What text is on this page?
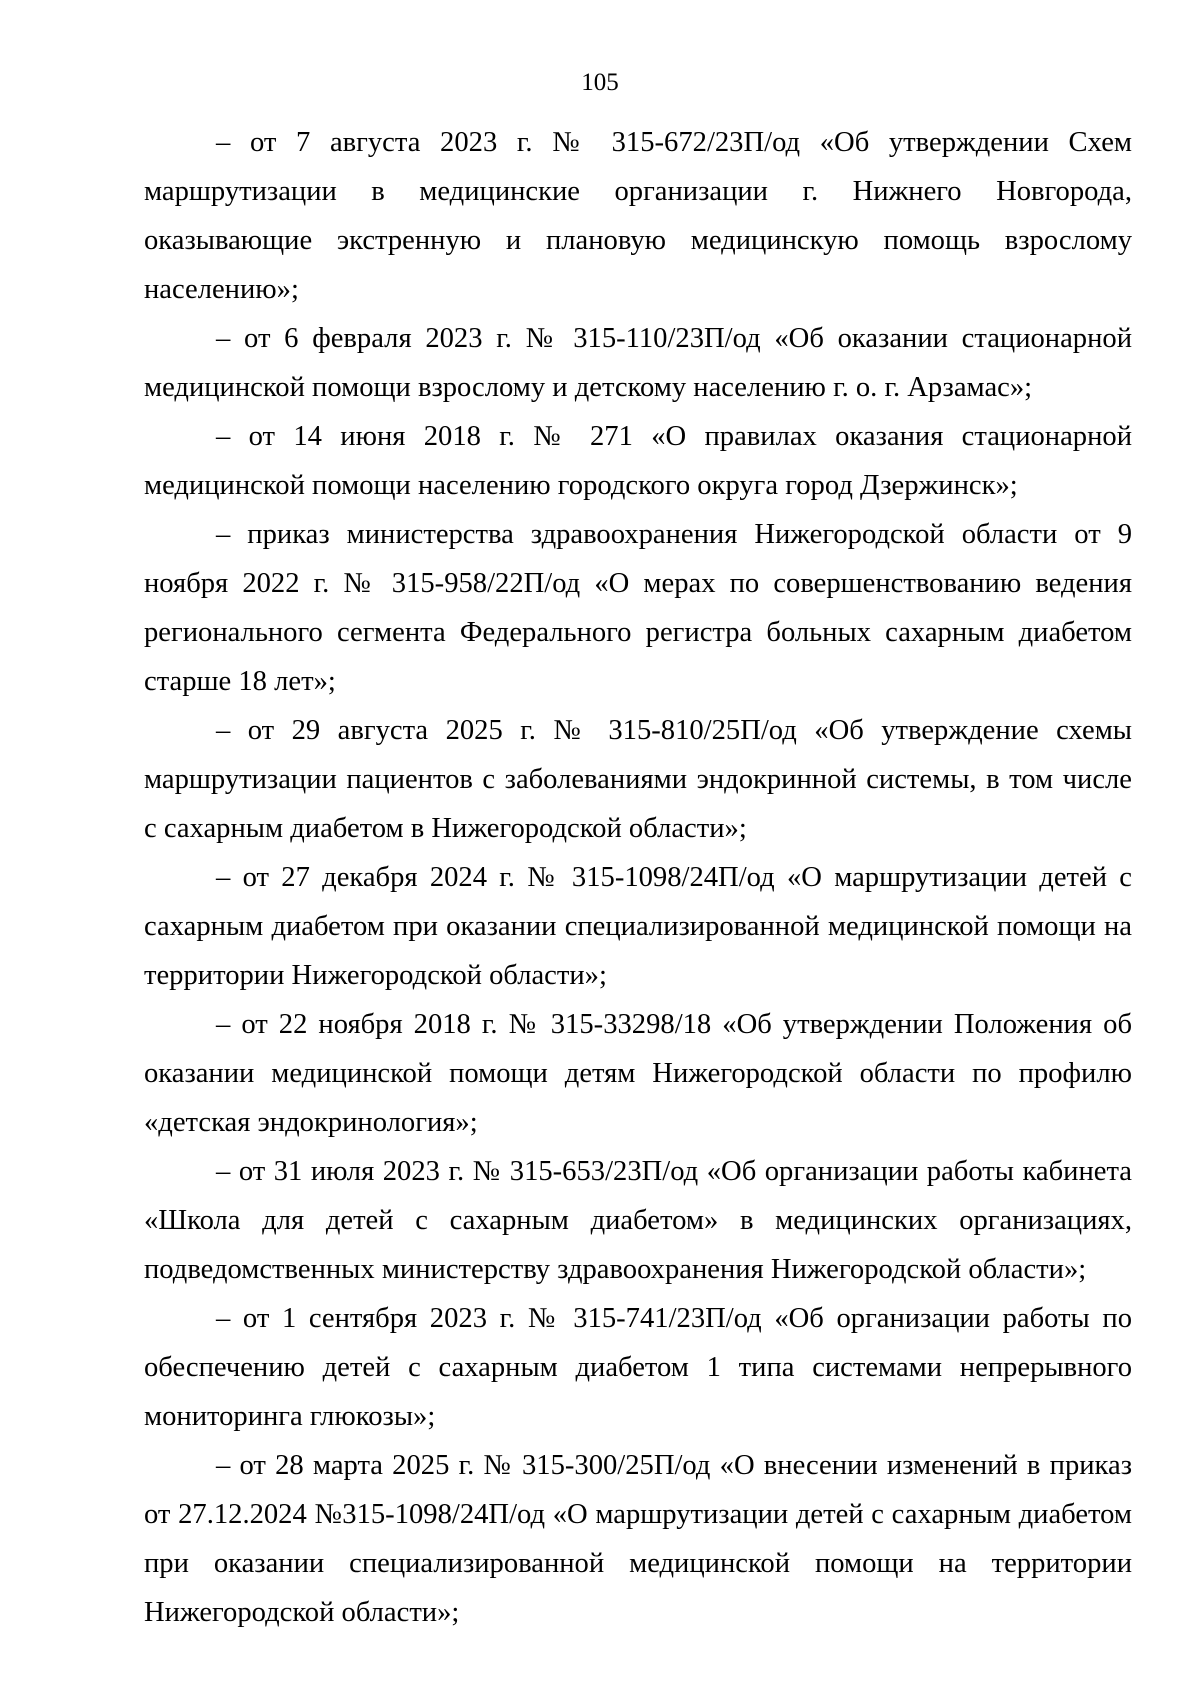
105

– от 7 августа 2023 г. № 315-672/23П/од «Об утверждении Схем маршрутизации в медицинские организации г. Нижнего Новгорода, оказывающие экстренную и плановую медицинскую помощь взрослому населению»;

– от 6 февраля 2023 г. № 315-110/23П/од «Об оказании стационарной медицинской помощи взрослому и детскому населению г. о. г. Арзамас»;

– от 14 июня 2018 г. № 271 «О правилах оказания стационарной медицинской помощи населению городского округа город Дзержинск»;

– приказ министерства здравоохранения Нижегородской области от 9 ноября 2022 г. № 315-958/22П/од «О мерах по совершенствованию ведения регионального сегмента Федерального регистра больных сахарным диабетом старше 18 лет»;

– от 29 августа 2025 г. № 315-810/25П/од «Об утверждение схемы маршрутизации пациентов с заболеваниями эндокринной системы, в том числе с сахарным диабетом в Нижегородской области»;

– от 27 декабря 2024 г. № 315-1098/24П/од «О маршрутизации детей с сахарным диабетом при оказании специализированной медицинской помощи на территории Нижегородской области»;

– от 22 ноября 2018 г. № 315-33298/18 «Об утверждении Положения об оказании медицинской помощи детям Нижегородской области по профилю «детская эндокринология»;

– от 31 июля 2023 г. № 315-653/23П/од «Об организации работы кабинета «Школа для детей с сахарным диабетом» в медицинских организациях, подведомственных министерству здравоохранения Нижегородской области»;

– от 1 сентября 2023 г. № 315-741/23П/од «Об организации работы по обеспечению детей с сахарным диабетом 1 типа системами непрерывного мониторинга глюкозы»;

– от 28 марта 2025 г. № 315-300/25П/од «О внесении изменений в приказ от 27.12.2024 №315-1098/24П/од «О маршрутизации детей с сахарным диабетом при оказании специализированной медицинской помощи на территории Нижегородской области»;
